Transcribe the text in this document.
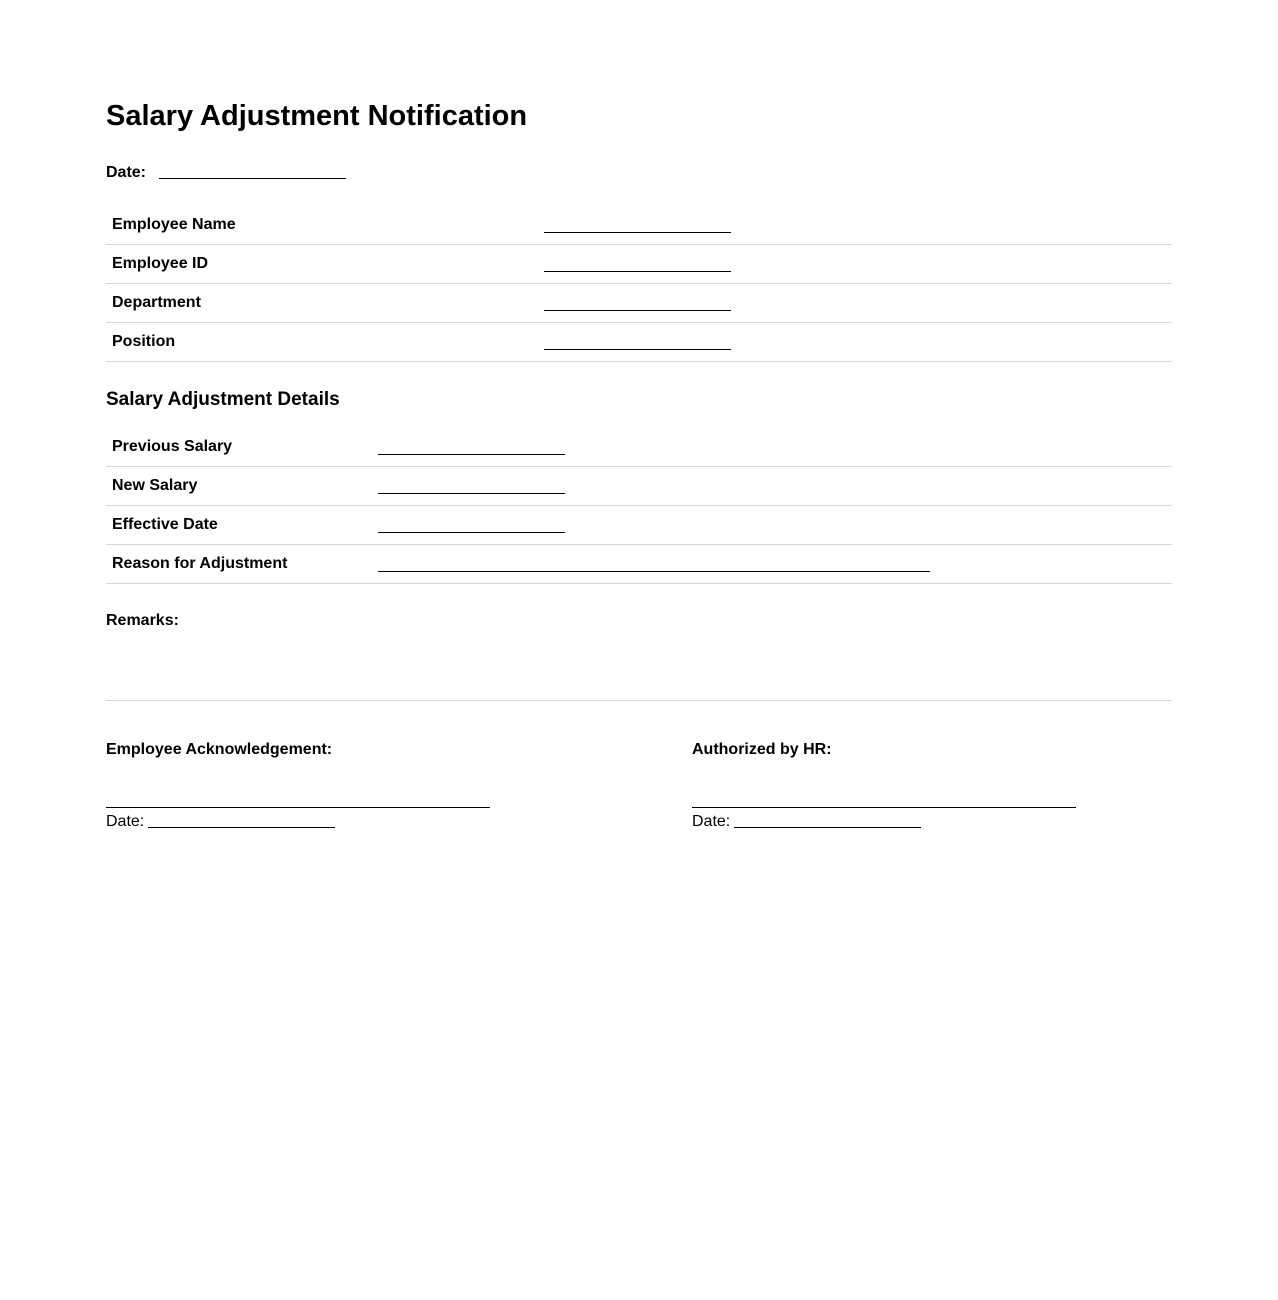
Salary Adjustment Notification
Date:
Employee Name
Employee ID
Department
Position
Salary Adjustment Details
Previous Salary
New Salary
Effective Date
Reason for Adjustment
Remarks:
Employee Acknowledgement:
Date:
Authorized by HR:
Date:
